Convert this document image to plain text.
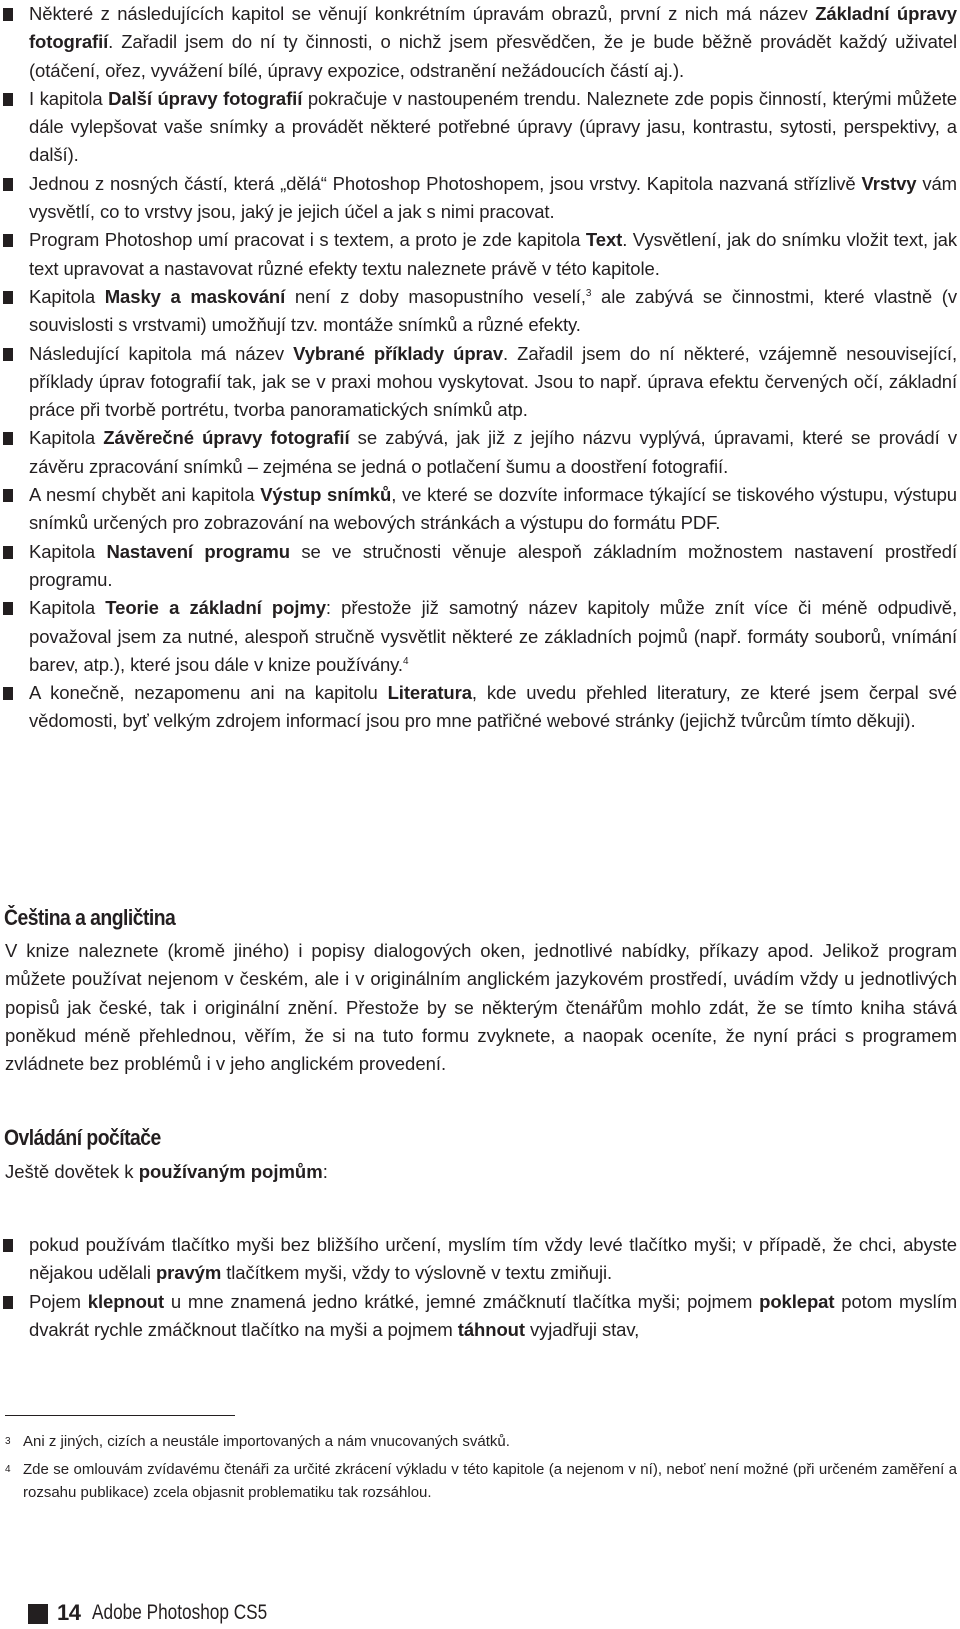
Některé z následujících kapitol se věnují konkrétním úpravám obrazů, první z nich má název Základní úpravy fotografií. Zařadil jsem do ní ty činnosti, o nichž jsem přesvědčen, že je bude běžně provádět každý uživatel (otáčení, ořez, vyvážení bílé, úpravy expozice, odstranění nežádoucích částí aj.).

I kapitola Další úpravy fotografií pokračuje v nastoupeném trendu. Naleznete zde popis činností, kterými můžete dále vylepšovat vaše snímky a provádět některé potřebné úpravy (úpravy jasu, kontrastu, sytosti, perspektivy, a další).

Jednou z nosných částí, která „dělá“ Photoshop Photoshopem, jsou vrstvy. Kapitola nazvaná střízlivě Vrstvy vám vysvětlí, co to vrstvy jsou, jaký je jejich účel a jak s nimi pracovat.

Program Photoshop umí pracovat i s textem, a proto je zde kapitola Text. Vysvětlení, jak do snímku vložit text, jak text upravovat a nastavovat různé efekty textu naleznete právě v této kapitole.

Kapitola Masky a maskování není z doby masopustního veselí,$^3$ ale zabývá se činnostmi, které vlastně (v souvislosti s vrstvami) umožňují tzv. montáže snímků a různé efekty.

Následující kapitola má název Vybrané příklady úprav. Zařadil jsem do ní některé, vzájemně nesouvisející, příklady úprav fotografií tak, jak se v praxi mohou vyskytovat. Jsou to např. úprava efektu červených očí, základní práce při tvorbě portrétu, tvorba panoramatických snímků atp.

Kapitola Závěrečné úpravy fotografií se zabývá, jak již z jejího názvu vyplývá, úpravami, které se provádí v závěru zpracování snímků – zejména se jedná o potlačení šumu a doostření fotografií.

A nesmí chybět ani kapitola Výstup snímků, ve které se dozvíte informace týkající se tiskového výstupu, výstupu snímků určených pro zobrazování na webových stránkách a výstupu do formátu PDF.

Kapitola Nastavení programu se ve stručnosti věnuje alespoň základním možnostem nastavení prostředí programu.

Kapitola Teorie a základní pojmy: přestože již samotný název kapitoly může znít více či méně odpudivě, považoval jsem za nutné, alespoň stručně vysvětlit některé ze základních pojmů (např. formáty souborů, vnímání barev, atp.), které jsou dále v knize používány.$^4$

A konečně, nezapomenu ani na kapitolu Literatura, kde uvedu přehled literatury, ze které jsem čerpal své vědomosti, byť velkým zdrojem informací jsou pro mne patřičné webové stránky (jejichž tvůrcům tímto děkuji).

Čeština a angličtina

V knize naleznete (kromě jiného) i popisy dialogových oken, jednotlivé nabídky, příkazy apod. Jelikož program můžete používat nejenom v českém, ale i v originálním anglickém jazykovém prostředí, uvádím vždy u jednotlivých popisů jak české, tak i originální znění. Přestože by se některým čtenářům mohlo zdát, že se tímto kniha stává poněkud méně přehlednou, věřím, že si na tuto formu zvyknete, a naopak oceníte, že nyní práci s programem zvládnete bez problémů i v jeho anglickém provedení.

Ovládání počítače

Ještě dovětek k používaným pojmům:

pokud používám tlačítko myši bez bližšího určení, myslím tím vždy levé tlačítko myši; v případě, že chci, abyste nějakou udělali pravým tlačítkem myši, vždy to výslovně v textu zmiňuji.

Pojem klepnout u mne znamená jedno krátké, jemné zmáčknutí tlačítka myši; pojmem poklepat potom myslím dvakrát rychle zmáčknout tlačítko na myši a pojmem táhnout vyjadřuji stav,

3 Ani z jiných, cizích a neustále importovaných a nám vnucovaných svátků.

4 Zde se omlouvám zvídavému čtenáři za určité zkrácení výkladu v této kapitole (a nejenom v ní), neboť není možné (při určeném zaměření a rozsahu publikace) zcela objasnit problematiku tak rozsáhlou.

14 Adobe Photoshop CS5
